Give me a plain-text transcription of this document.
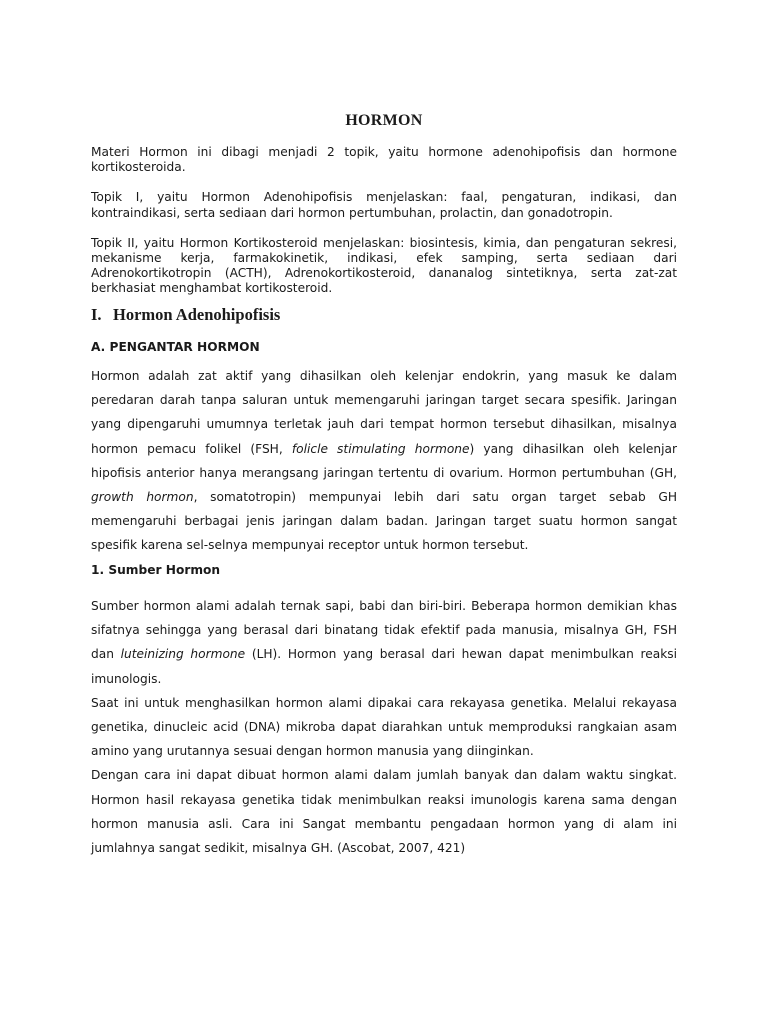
HORMON

Materi Hormon ini dibagi menjadi 2 topik, yaitu hormone adenohipofisis dan hormone kortikosteroida.

Topik I, yaitu Hormon Adenohipofisis menjelaskan: faal, pengaturan, indikasi, dan kontraindikasi, serta sediaan dari hormon pertumbuhan, prolactin, dan gonadotropin.

Topik II, yaitu Hormon Kortikosteroid menjelaskan: biosintesis, kimia, dan pengaturan sekresi, mekanisme kerja, farmakokinetik, indikasi, efek samping, serta sediaan dari Adrenokortikotropin (ACTH), Adrenokortikosteroid, dananalog sintetiknya, serta zat-zat berkhasiat menghambat kortikosteroid.

I. Hormon Adenohipofisis

A. PENGANTAR HORMON

Hormon adalah zat aktif yang dihasilkan oleh kelenjar endokrin, yang masuk ke dalam peredaran darah tanpa saluran untuk memengaruhi jaringan target secara spesifik. Jaringan yang dipengaruhi umumnya terletak jauh dari tempat hormon tersebut dihasilkan, misalnya hormon pemacu folikel (FSH, folicle stimulating hormone) yang dihasilkan oleh kelenjar hipofisis anterior hanya merangsang jaringan tertentu di ovarium. Hormon pertumbuhan (GH, growth hormon, somatotropin) mempunyai lebih dari satu organ target sebab GH memengaruhi berbagai jenis jaringan dalam badan. Jaringan target suatu hormon sangat spesifik karena sel-selnya mempunyai receptor untuk hormon tersebut.

1. Sumber Hormon

Sumber hormon alami adalah ternak sapi, babi dan biri-biri. Beberapa hormon demikian khas sifatnya sehingga yang berasal dari binatang tidak efektif pada manusia, misalnya GH, FSH dan luteinizing hormone (LH). Hormon yang berasal dari hewan dapat menimbulkan reaksi imunologis.

Saat ini untuk menghasilkan hormon alami dipakai cara rekayasa genetika. Melalui rekayasa genetika, dinucleic acid (DNA) mikroba dapat diarahkan untuk memproduksi rangkaian asam amino yang urutannya sesuai dengan hormon manusia yang diinginkan.

Dengan cara ini dapat dibuat hormon alami dalam jumlah banyak dan dalam waktu singkat. Hormon hasil rekayasa genetika tidak menimbulkan reaksi imunologis karena sama dengan hormon manusia asli. Cara ini Sangat membantu pengadaan hormon yang di alam ini jumlahnya sangat sedikit, misalnya GH. (Ascobat, 2007, 421)
